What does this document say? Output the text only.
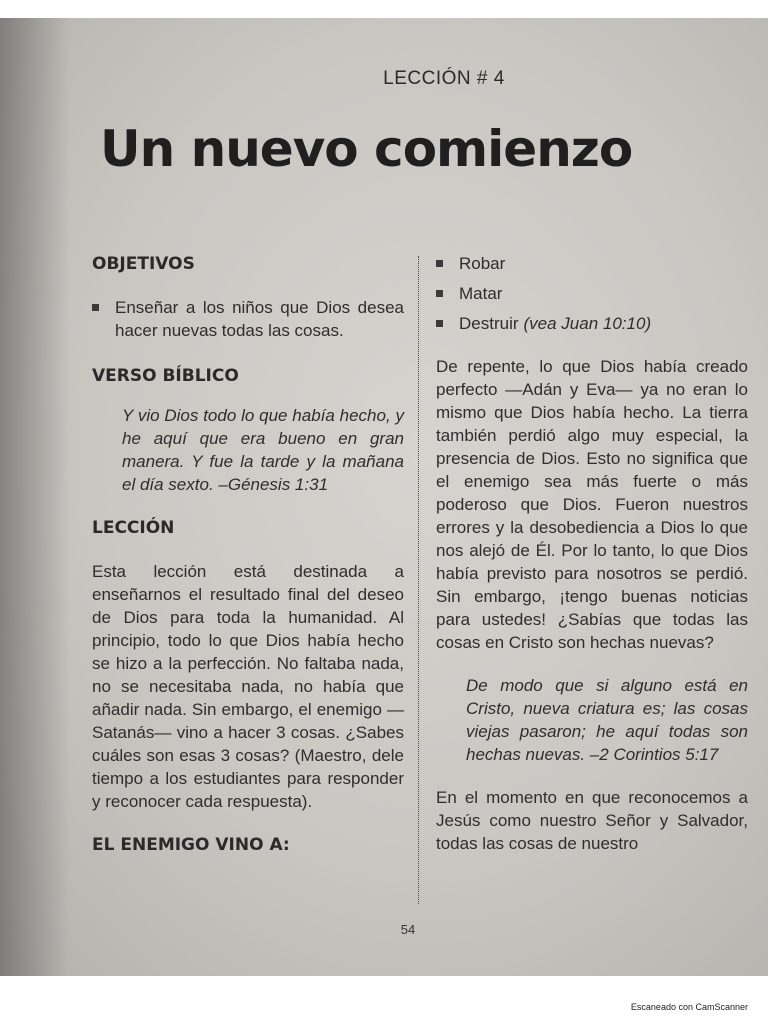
LECCIÓN # 4
Un nuevo comienzo
OBJETIVOS

Enseñar a los niños que Dios desea hacer nuevas todas las cosas.

VERSO BÍBLICO

Y vio Dios todo lo que había hecho, y he aquí que era bueno en gran manera. Y fue la tarde y la mañana el día sexto. –Génesis 1:31

LECCIÓN

Esta lección está destinada a enseñarnos el resultado final del deseo de Dios para toda la humanidad. Al principio, todo lo que Dios había hecho se hizo a la perfección. No faltaba nada, no se necesitaba nada, no había que añadir nada. Sin embargo, el enemigo —Satanás— vino a hacer 3 cosas. ¿Sabes cuáles son esas 3 cosas? (Maestro, dele tiempo a los estudiantes para responder y reconocer cada respuesta).

EL ENEMIGO VINO A:
Robar
Matar
Destruir (vea Juan 10:10)

De repente, lo que Dios había creado perfecto —Adán y Eva— ya no eran lo mismo que Dios había hecho. La tierra también perdió algo muy especial, la presencia de Dios. Esto no significa que el enemigo sea más fuerte o más poderoso que Dios. Fueron nuestros errores y la desobediencia a Dios lo que nos alejó de Él. Por lo tanto, lo que Dios había previsto para nosotros se perdió. Sin embargo, ¡tengo buenas noticias para ustedes! ¿Sabías que todas las cosas en Cristo son hechas nuevas?

De modo que si alguno está en Cristo, nueva criatura es; las cosas viejas pasaron; he aquí todas son hechas nuevas. –2 Corintios 5:17

En el momento en que reconocemos a Jesús como nuestro Señor y Salvador, todas las cosas de nuestro

54
Escaneado con CamScanner
